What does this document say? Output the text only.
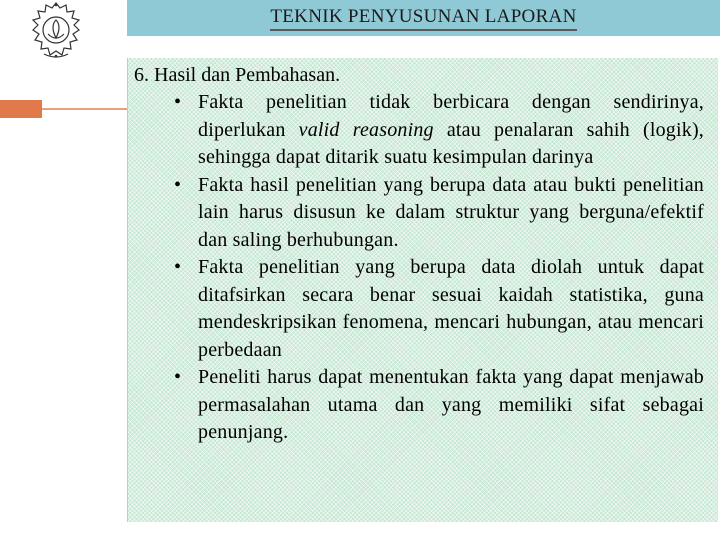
TEKNIK PENYUSUNAN LAPORAN

6. Hasil dan Pembahasan.

• Fakta penelitian tidak berbicara dengan sendirinya, diperlukan valid reasoning atau penalaran sahih (logik), sehingga dapat ditarik suatu kesimpulan darinya
• Fakta hasil penelitian yang berupa data atau bukti penelitian lain harus disusun ke dalam struktur yang berguna/efektif dan saling berhubungan.
• Fakta penelitian yang berupa data diolah untuk dapat ditafsirkan secara benar sesuai kaidah statistika, guna mendeskripsikan fenomena, mencari hubungan, atau mencari perbedaan
• Peneliti harus dapat menentukan fakta yang dapat menjawab permasalahan utama dan yang memiliki sifat sebagai penunjang.
